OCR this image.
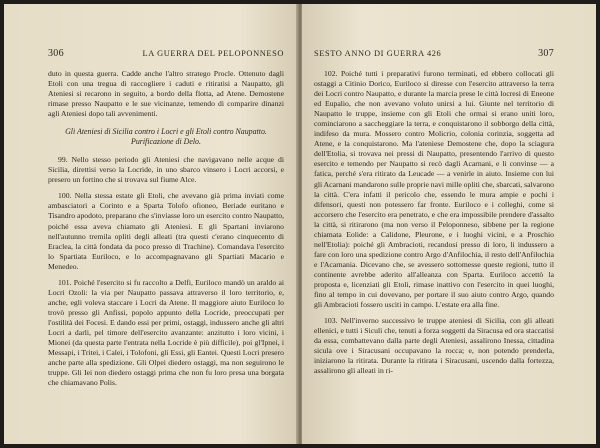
306	LA GUERRA DEL PELOPONNESO

duto in questa guerra. Cadde anche l'altro stratego Procle. Ottenuto dagli Etoli con una tregua di raccogliere i caduti e ritiratisi a Naupatto, gli Ateniesi si recarono in seguito, a bordo della flotta, ad Atene. Demostene rimase presso Naupatto e le sue vicinanze, temendo di comparire dinanzi agli Ateniesi dopo tali avvenimenti.

Gli Ateniesi di Sicilia contro i Locri e gli Etoli contro Naupatto. Purificazione di Delo.

99. Nello stesso periodo gli Ateniesi che navigavano nelle acque di Sicilia, direttisi verso la Locride, in uno sbarco vinsero i Locri accorsi, e presero un fortino che si trovava sul fiume Alce.

100. Nella stessa estate gli Etoli, che avevano già prima inviati come ambasciatori a Corinto e a Sparta Tolofo ofioneo, Beriade euritano e Tisandro apodoto, preparano che s'inviasse loro un esercito contro Naupatto, poiché essa aveva chiamato gli Ateniesi. E gli Spartani inviarono nell'autunno tremila opliti degli alleati (tra questi c'erano cinquecento di Eraclea, la città fondata da poco presso di Trachine). Comandava l'esercito lo Spartiata Euriloco, e lo accompagnavano gli Spartiati Macario e Menedeo.

101. Poiché l'esercito si fu raccolto a Delfi, Euriloco mandò un araldo ai Locri Ozoli: la via per Naupatto passava attraverso il loro territorio, e, anche, egli voleva staccare i Locri da Atene. Il maggiore aiuto Euriloco lo trovò presso gli Anfissi, popolo appunto della Locride, preoccupati per l'ostilità dei Focesi. E dando essi per primi, ostaggi, indussero anche gli altri Locri a darli, pel timore dell'esercito avanzante: anzitutto i loro vicini, i Mionei (da questa parte l'entrata nella Locride è più difficile), poi gl'Ipnei, i Messapi, i Tritei, i Calei, i Tolofoni, gli Essi, gli Eantei. Questi Locri presero anche parte alla spedizione. Gli Olpei diedero ostaggi, ma non seguirono le truppe. Gli Iei non diedero ostaggi prima che non fu loro presa una borgata che chiamavano Polis.

SESTO ANNO DI GUERRA 426	307

102. Poiché tutti i preparativi furono terminati, ed ebbero collocati gli ostaggi a Citinio Dorico, Euriloco si diresse con l'esercito attraverso la terra dei Locri contro Naupatto, e durante la marcia prese le città locresi di Eneone ed Eupalio, che non avevano voluto unirsi a lui. Giunte nel territorio di Naupatto le truppe, insieme con gli Etoli che ormai si erano uniti loro, cominciarono a saccheggiare la terra, e conquistarono il sobborgo della città, indifeso da mura. Mossero contro Molicrio, colonia corinzia, soggetta ad Atene, e la conquistarono. Ma l'ateniese Demostene che, dopo la sciagura dell'Etolia, si trovava nei pressi di Naupatto, presentendo l'arrivo di questo esercito e temendo per Naupatto si recò dagli Acarnani, e li convinse — a fatica, perché s'era ritirato da Leucade — a venirle in aiuto. Insieme con lui gli Acarnani mandarono sulle proprie navi mille opliti che, sbarcati, salvarono la città. C'era infatti il pericolo che, essendo le mura ampie e pochi i difensori, questi non potessero far fronte. Euriloco e i colleghi, come si accorsero che l'esercito era penetrato, e che era impossibile prendere d'assalto la città, si ritirarono (ma non verso il Peloponneso, sibbene per la regione chiamata Eolide: a Calidone, Pleurone, e i luoghi vicini, e a Proschio nell'Etolia): poiché gli Ambracioti, recandosi presso di loro, li indussero a fare con loro una spedizione contro Argo d'Anfilochia, il resto dell'Anfilochia e l'Acarnania. Dicevano che, se avessero sottomesse queste regioni, tutto il continente avrebbe aderito all'alleanza con Sparta. Euriloco accettò la proposta e, licenziati gli Etoli, rimase inattivo con l'esercito in quei luoghi, fino al tempo in cui dovevano, per portare il suo aiuto contro Argo, quando gli Ambracioti fossero usciti in campo. L'estate era alla fine.

103. Nell'inverno successivo le truppe ateniesi di Sicilia, con gli alleati ellenici, e tutti i Siculi che, tenuti a forza soggetti da Siracusa ed ora staccatisi da essa, combattevano dalla parte degli Ateniesi, assalirono Inessa, cittadina sicula ove i Siracusani occupavano la rocca; e, non potendo prenderla, iniziarono la ritirata. Durante la ritirata i Siracusani, uscendo dalla fortezza, assalirono gli alleati in ri-
